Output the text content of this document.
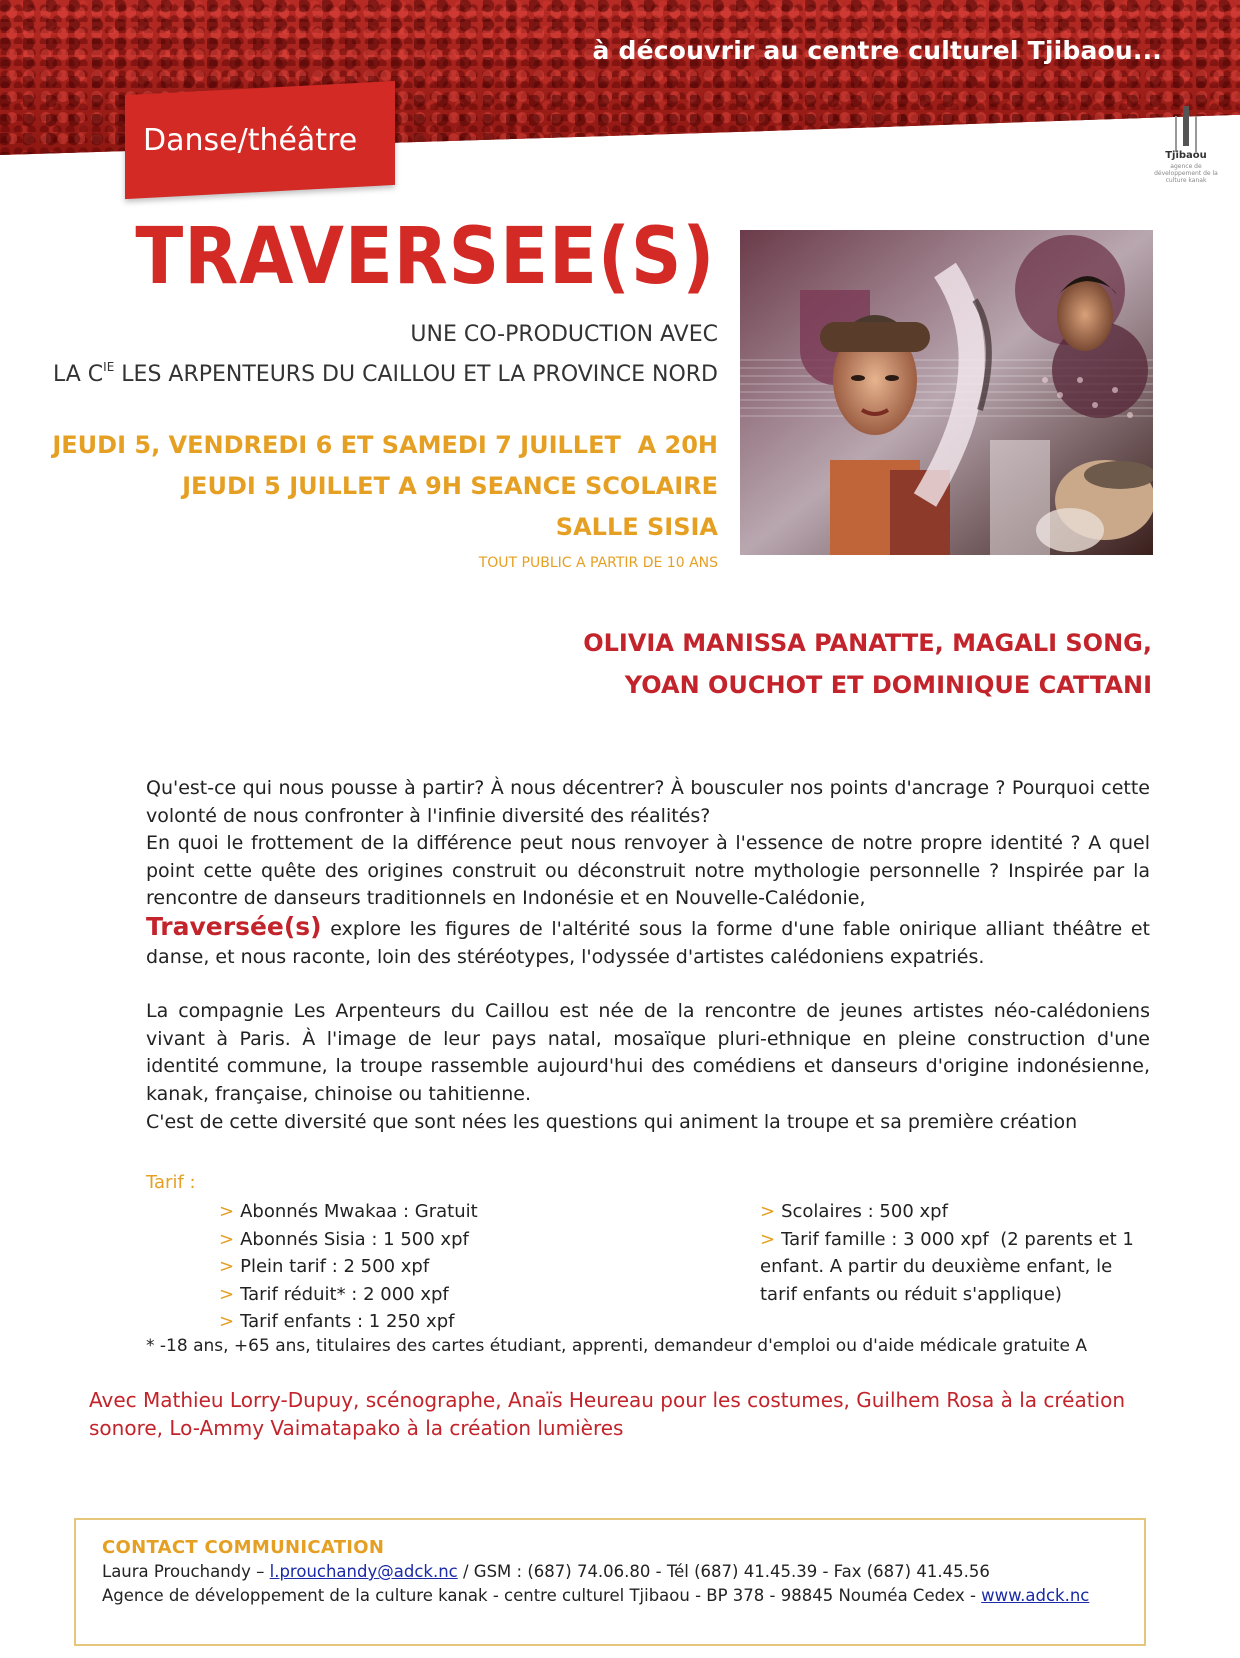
à découvrir au centre culturel Tjibaou...
Danse/théâtre	Tjibaou
agence de développement de la culture kanak
TRAVERSEE(S)
UNE CO-PRODUCTION AVEC
LA $C^{IE}$ LES ARPENTEURS DU CAILLOU ET LA PROVINCE NORD
JEUDI 5, VENDREDI 6 ET SAMEDI 7 JUILLET  A 20H
JEUDI 5 JUILLET A 9H SEANCE SCOLAIRE
SALLE SISIA
TOUT PUBLIC A PARTIR DE 10 ANS
OLIVIA MANISSA PANATTE, MAGALI SONG,
YOAN OUCHOT ET DOMINIQUE CATTANI

Qu'est-ce qui nous pousse à partir? À nous décentrer? À bousculer nos points d'ancrage ? Pourquoi cette volonté de nous confronter à l'infinie diversité des réalités?

En quoi le frottement de la différence peut nous renvoyer à l'essence de notre propre identité ? A quel point cette quête des origines construit ou déconstruit notre mythologie personnelle ? Inspirée par la rencontre de danseurs traditionnels en Indonésie et en Nouvelle-Calédonie,
Traversée(s) explore les figures de l'altérité sous la forme d'une fable onirique alliant théâtre et danse, et nous raconte, loin des stéréotypes, l'odyssée d'artistes calédoniens expatriés.

La compagnie Les Arpenteurs du Caillou est née de la rencontre de jeunes artistes néo-calédoniens vivant à Paris. À l'image de leur pays natal, mosaïque pluri-ethnique en pleine construction d'une identité commune, la troupe rassemble aujourd'hui des comédiens et danseurs d'origine indonésienne, kanak, française, chinoise ou tahitienne.

C'est de cette diversité que sont nées les questions qui animent la troupe et sa première création

Tarif :
> Abonnés Mwakaa : Gratuit
> Abonnés Sisia : 1 500 xpf
> Plein tarif : 2 500 xpf
> Tarif réduit* : 2 000 xpf
> Tarif enfants : 1 250 xpf
> Scolaires : 500 xpf
> Tarif famille : 3 000 xpf  (2 parents et 1 enfant. A partir du deuxième enfant, le tarif enfants ou réduit s'applique)
* -18 ans, +65 ans, titulaires des cartes étudiant, apprenti, demandeur d'emploi ou d'aide médicale gratuite A
Avec Mathieu Lorry-Dupuy, scénographe, Anaïs Heureau pour les costumes, Guilhem Rosa à la création sonore, Lo-Ammy Vaimatapako à la création lumières
CONTACT COMMUNICATION
Laura Prouchandy – l.prouchandy@adck.nc / GSM : (687) 74.06.80 - Tél (687) 41.45.39 - Fax (687) 41.45.56
Agence de développement de la culture kanak - centre culturel Tjibaou - BP 378 - 98845 Nouméa Cedex - www.adck.nc
